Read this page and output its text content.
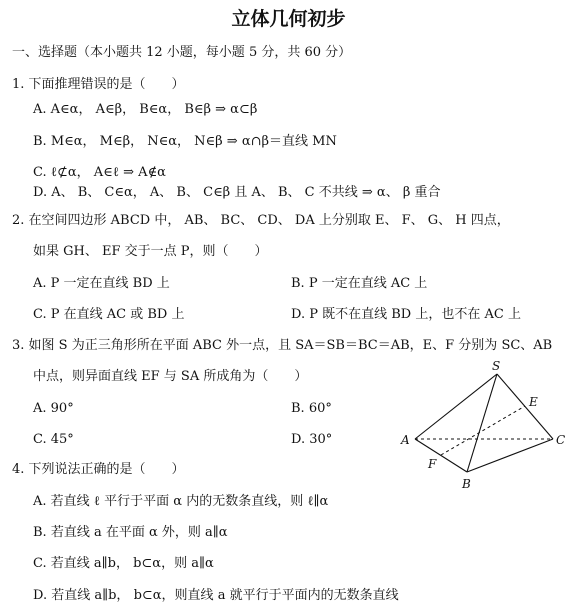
立体几何初步
一、选择题（本小题共 12 小题，每小题 5 分，共 60 分）
1. 下面推理错误的是（　　）
A. A∈α， A∈β， B∈α， B∈β ⇒ α⊂β
B. M∈α， M∈β， N∈α， N∈β ⇒ α∩β＝直线 MN
C. ℓ⊄α， A∈ℓ ⇒ A∉α
D. A、 B、 C∈α， A、 B、 C∈β 且 A、 B、 C 不共线 ⇒ α、 β 重合
2. 在空间四边形 ABCD 中， AB、 BC、 CD、 DA 上分别取 E、 F、 G、 H 四点，
如果 GH、 EF 交于一点 P，则（　　）
A. P 一定在直线 BD 上	B. P 一定在直线 AC 上
C. P 在直线 AC 或 BD 上	D. P 既不在直线 BD 上，也不在 AC 上
3. 如图 S 为正三角形所在平面 ABC 外一点，且 SA＝SB＝BC＝AB，E、F 分别为 SC、AB
中点，则异面直线 EF 与 SA 所成角为（　　）
A. 90°	B. 60°
C. 45°	D. 30°
S
E
A	C
F
B
4. 下列说法正确的是（　　）
A. 若直线 ℓ 平行于平面 α 内的无数条直线，则 ℓ∥α
B. 若直线 a 在平面 α 外，则 a∥α
C. 若直线 a∥b， b⊂α，则 a∥α
D. 若直线 a∥b， b⊂α，则直线 a 就平行于平面内的无数条直线
